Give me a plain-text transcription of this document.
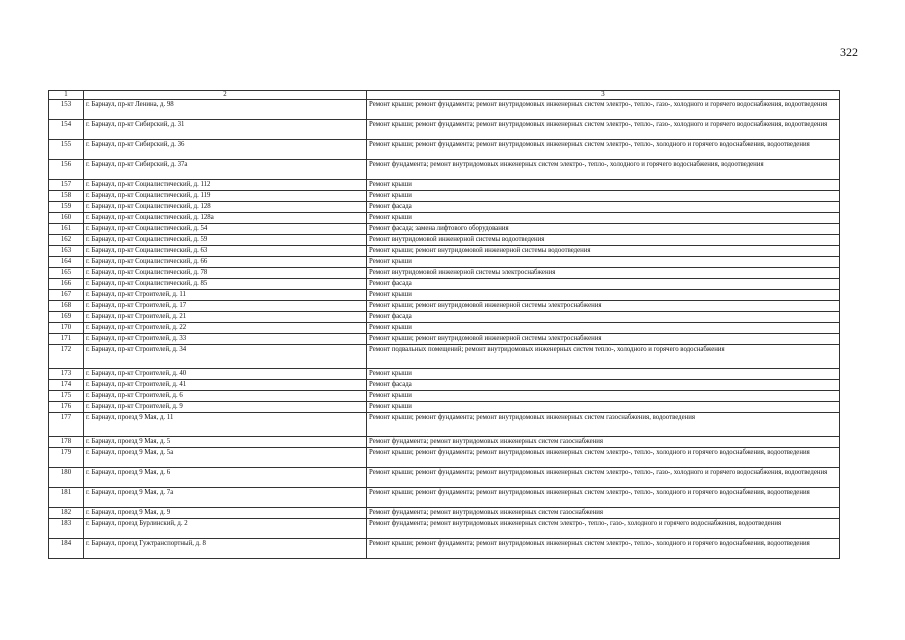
322
1	2	3
153	г. Барнаул, пр-кт Ленина, д. 98	Ремонт крыши; ремонт фундамента; ремонт внутридомовых инженерных систем электро-, тепло-, газо-, холодного и горячего водоснабжения, водоотведения
154	г. Барнаул, пр-кт Сибирский, д. 31	Ремонт крыши; ремонт фундамента; ремонт внутридомовых инженерных систем электро-, тепло-, газо-, холодного и горячего водоснабжения, водоотведения
155	г. Барнаул, пр-кт Сибирский, д. 36	Ремонт крыши; ремонт фундамента; ремонт внутридомовых инженерных систем электро-, тепло-, холодного и горячего водоснабжения, водоотведения
156	г. Барнаул, пр-кт Сибирский, д. 37а	Ремонт фундамента; ремонт внутридомовых инженерных систем электро-, тепло-, холодного и горячего водоснабжения, водоотведения
157	г. Барнаул, пр-кт Социалистический, д. 112	Ремонт крыши
158	г. Барнаул, пр-кт Социалистический, д. 119	Ремонт крыши
159	г. Барнаул, пр-кт Социалистический, д. 128	Ремонт фасада
160	г. Барнаул, пр-кт Социалистический, д. 128а	Ремонт крыши
161	г. Барнаул, пр-кт Социалистический, д. 54	Ремонт фасада; замена лифтового оборудования
162	г. Барнаул, пр-кт Социалистический, д. 59	Ремонт внутридомовой инженерной системы водоотведения
163	г. Барнаул, пр-кт Социалистический, д. 63	Ремонт крыши; ремонт внутридомовой инженерной системы водоотведения
164	г. Барнаул, пр-кт Социалистический, д. 66	Ремонт крыши
165	г. Барнаул, пр-кт Социалистический, д. 78	Ремонт внутридомовой инженерной системы электроснабжения
166	г. Барнаул, пр-кт Социалистический, д. 85	Ремонт фасада
167	г. Барнаул, пр-кт Строителей, д. 11	Ремонт крыши
168	г. Барнаул, пр-кт Строителей, д. 17	Ремонт крыши; ремонт внутридомовой инженерной системы электроснабжения
169	г. Барнаул, пр-кт Строителей, д. 21	Ремонт фасада
170	г. Барнаул, пр-кт Строителей, д. 22	Ремонт крыши
171	г. Барнаул, пр-кт Строителей, д. 33	Ремонт крыши; ремонт внутридомовой инженерной системы электроснабжения
172	г. Барнаул, пр-кт Строителей, д. 34	Ремонт подвальных помещений; ремонт внутридомовых инженерных систем тепло-, холодного и горячего водоснабжения
173	г. Барнаул, пр-кт Строителей, д. 40	Ремонт крыши
174	г. Барнаул, пр-кт Строителей, д. 41	Ремонт фасада
175	г. Барнаул, пр-кт Строителей, д. 6	Ремонт крыши
176	г. Барнаул, пр-кт Строителей, д. 9	Ремонт крыши
177	г. Барнаул, проезд 9 Мая, д. 11	Ремонт крыши; ремонт фундамента; ремонт внутридомовых инженерных систем газоснабжения, водоотведения
178	г. Барнаул, проезд 9 Мая, д. 5	Ремонт фундамента; ремонт внутридомовых инженерных систем газоснабжения
179	г. Барнаул, проезд 9 Мая, д. 5а	Ремонт крыши; ремонт фундамента; ремонт внутридомовых инженерных систем электро-, тепло-, холодного и горячего водоснабжения, водоотведения
180	г. Барнаул, проезд 9 Мая, д. 6	Ремонт крыши; ремонт фундамента; ремонт внутридомовых инженерных систем электро-, тепло-, газо-, холодного и горячего водоснабжения, водоотведения
181	г. Барнаул, проезд 9 Мая, д. 7а	Ремонт крыши; ремонт фундамента; ремонт внутридомовых инженерных систем электро-, тепло-, холодного и горячего водоснабжения, водоотведения
182	г. Барнаул, проезд 9 Мая, д. 9	Ремонт фундамента; ремонт внутридомовых инженерных систем газоснабжения
183	г. Барнаул, проезд Бурлинский, д. 2	Ремонт фундамента; ремонт внутридомовых инженерных систем электро-, тепло-, газо-, холодного и горячего водоснабжения, водоотведения
184	г. Барнаул, проезд Гужтранспортный, д. 8	Ремонт крыши; ремонт фундамента; ремонт внутридомовых инженерных систем электро-, тепло-, холодного и горячего водоснабжения, водоотведения
